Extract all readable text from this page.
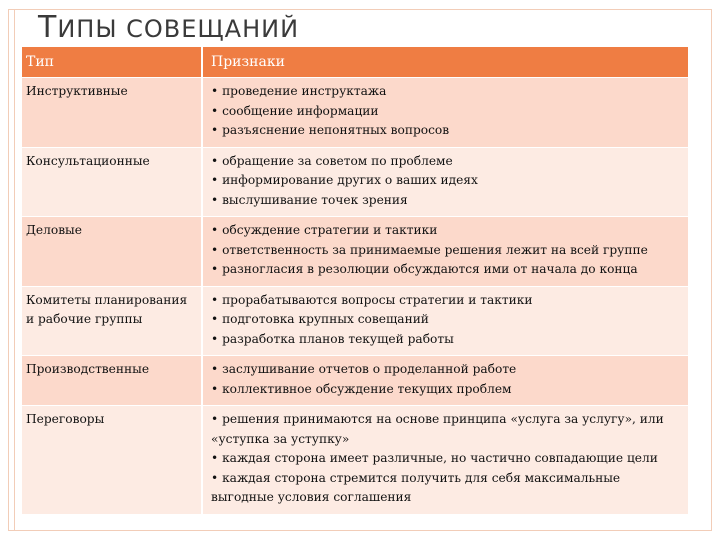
ТИПЫ СОВЕЩАНИЙ
Тип	Признаки
Инструктивные	• проведение инструктажа
• сообщение информации
• разъяснение непонятных вопросов

Консультационные	• обращение за советом по проблеме
• информирование других о ваших идеях
• выслушивание точек зрения

Деловые	• обсуждение стратегии и тактики
• ответственность за принимаемые решения лежит на всей группе
• разногласия в резолюции обсуждаются ими от начала до конца

Комитеты планирования и рабочие группы	• прорабатываются вопросы стратегии и тактики
• подготовка крупных совещаний
• разработка планов текущей работы

Производственные	• заслушивание отчетов о проделанной работе
• коллективное обсуждение текущих проблем

Переговоры	• решения принимаются на основе принципа «услуга за услугу», или «уступка за уступку»
• каждая сторона имеет различные, но частично совпадающие цели
• каждая сторона стремится получить для себя максимальные выгодные условия соглашения
